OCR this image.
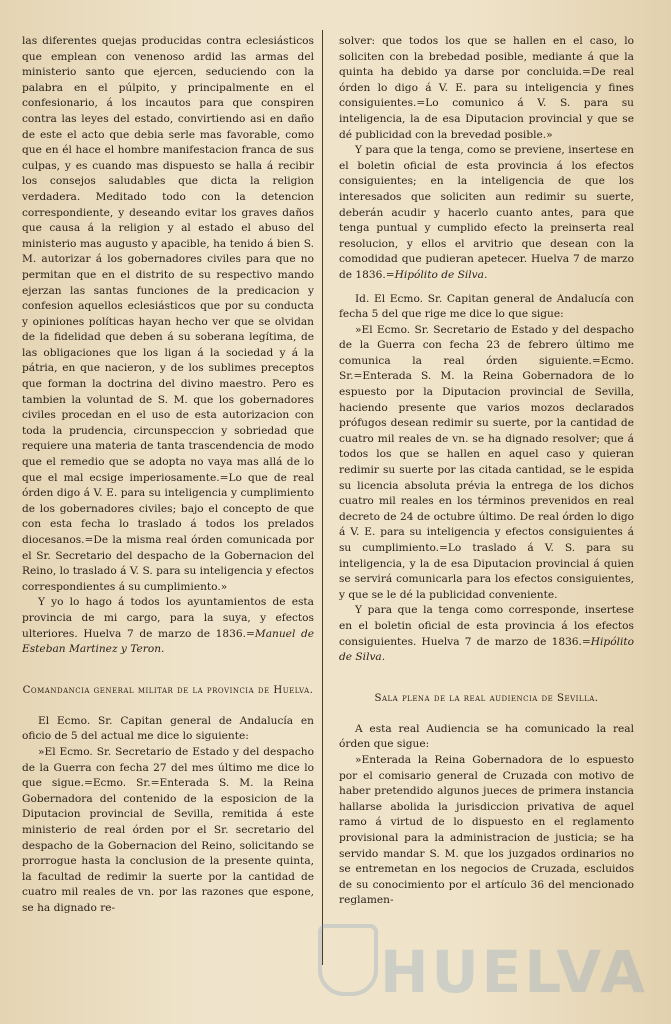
las diferentes quejas producidas contra eclesiásticos que emplean con venenoso ardid las armas del ministerio santo que ejercen, seduciendo con la palabra en el púlpito, y principalmente en el confesionario, á los incautos para que conspiren contra las leyes del estado, convirtiendo asi en daño de este el acto que debia serle mas favorable, como que en él hace el hombre manifestacion franca de sus culpas, y es cuando mas dispuesto se halla á recibir los consejos saludables que dicta la religion verdadera. Meditado todo con la detencion correspondiente, y deseando evitar los graves daños que causa á la religion y al estado el abuso del ministerio mas augusto y apacible, ha tenido á bien S. M. autorizar á los gobernadores civiles para que no permitan que en el distrito de su respectivo mando ejerzan las santas funciones de la predicacion y confesion aquellos eclesiásticos que por su conducta y opiniones políticas hayan hecho ver que se olvidan de la fidelidad que deben á su soberana legítima, de las obligaciones que los ligan á la sociedad y á la pátria, en que nacieron, y de los sublimes preceptos que forman la doctrina del divino maestro. Pero es tambien la voluntad de S. M. que los gobernadores civiles procedan en el uso de esta autorizacion con toda la prudencia, circunspeccion y sobriedad que requiere una materia de tanta trascendencia de modo que el remedio que se adopta no vaya mas allá de lo que el mal ecsige imperiosamente.=Lo que de real órden digo á V. E. para su inteligencia y cumplimiento de los gobernadores civiles; bajo el concepto de que con esta fecha lo traslado á todos los prelados diocesanos.=De la misma real órden comunicada por el Sr. Secretario del despacho de la Gobernacion del Reino, lo traslado á V. S. para su inteligencia y efectos correspondientes á su cumplimiento.»

Y yo lo hago á todos los ayuntamientos de esta provincia de mi cargo, para la suya, y efectos ulteriores. Huelva 7 de marzo de 1836.=Manuel de Esteban Martinez y Teron.

Comandancia general militar de la provincia de Huelva.

El Ecmo. Sr. Capitan general de Andalucía en oficio de 5 del actual me dice lo siguiente:

»El Ecmo. Sr. Secretario de Estado y del despacho de la Guerra con fecha 27 del mes último me dice lo que sigue.=Ecmo. Sr.=Enterada S. M. la Reina Gobernadora del contenido de la esposicion de la Diputacion provincial de Sevilla, remitida á este ministerio de real órden por el Sr. secretario del despacho de la Gobernacion del Reino, solicitando se prorrogue hasta la conclusion de la presente quinta, la facultad de redimir la suerte por la cantidad de cuatro mil reales de vn. por las razones que espone, se ha dignado re-

solver: que todos los que se hallen en el caso, lo soliciten con la brebedad posible, mediante á que la quinta ha debido ya darse por concluida.=De real órden lo digo á V. E. para su inteligencia y fines consiguientes.=Lo comunico á V. S. para su inteligencia, la de esa Diputacion provincial y que se dé publicidad con la brevedad posible.»

Y para que la tenga, como se previene, insertese en el boletin oficial de esta provincia á los efectos consiguientes; en la inteligencia de que los interesados que soliciten aun redimir su suerte, deberán acudir y hacerlo cuanto antes, para que tenga puntual y cumplido efecto la preinserta real resolucion, y ellos el arvitrio que desean con la comodidad que pudieran apetecer. Huelva 7 de marzo de 1836.=Hipólito de Silva.

Id. El Ecmo. Sr. Capitan general de Andalucía con fecha 5 del que rige me dice lo que sigue:

»El Ecmo. Sr. Secretario de Estado y del despacho de la Guerra con fecha 23 de febrero último me comunica la real órden siguiente.=Ecmo. Sr.=Enterada S. M. la Reina Gobernadora de lo espuesto por la Diputacion provincial de Sevilla, haciendo presente que varios mozos declarados prófugos desean redimir su suerte, por la cantidad de cuatro mil reales de vn. se ha dignado resolver; que á todos los que se hallen en aquel caso y quieran redimir su suerte por las citada cantidad, se le espida su licencia absoluta prévia la entrega de los dichos cuatro mil reales en los términos prevenidos en real decreto de 24 de octubre último. De real órden lo digo á V. E. para su inteligencia y efectos consiguientes á su cumplimiento.=Lo traslado á V. S. para su inteligencia, y la de esa Diputacion provincial á quien se servirá comunicarla para los efectos consiguientes, y que se le dé la publicidad conveniente.

Y para que la tenga como corresponde, insertese en el boletin oficial de esta provincia á los efectos consiguientes. Huelva 7 de marzo de 1836.=Hipólito de Silva.

Sala plena de la real audiencia de Sevilla.

A esta real Audiencia se ha comunicado la real órden que sigue:

»Enterada la Reina Gobernadora de lo espuesto por el comisario general de Cruzada con motivo de haber pretendido algunos jueces de primera instancia hallarse abolida la jurisdiccion privativa de aquel ramo á virtud de lo dispuesto en el reglamento provisional para la administracion de justicia; se ha servido mandar S. M. que los juzgados ordinarios no se entremetan en los negocios de Cruzada, escluidos de su conocimiento por el artículo 36 del mencionado reglamen-

HUELVA
